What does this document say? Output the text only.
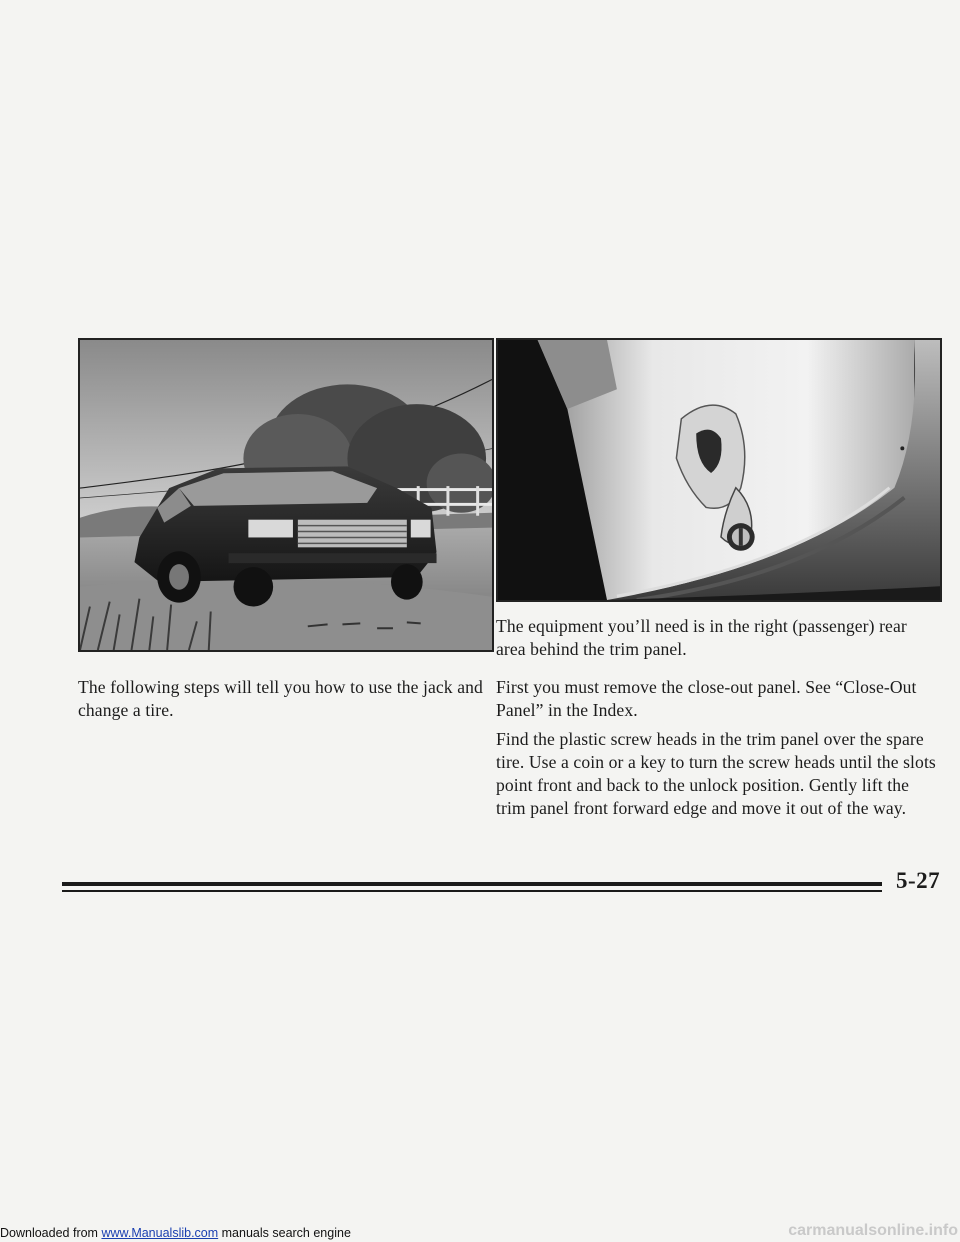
The following steps will tell you how to use the jack and change a tire.

The equipment you’ll need is in the right (passenger) rear area behind the trim panel.

First you must remove the close-out panel. See “Close-Out Panel” in the Index.

Find the plastic screw heads in the trim panel over the spare tire. Use a coin or a key to turn the screw heads until the slots point front and back to the unlock position. Gently lift the trim panel front forward edge and move it out of the way.

5-27
Downloaded from www.Manualslib.com manuals search engine	carmanualsonline.info
